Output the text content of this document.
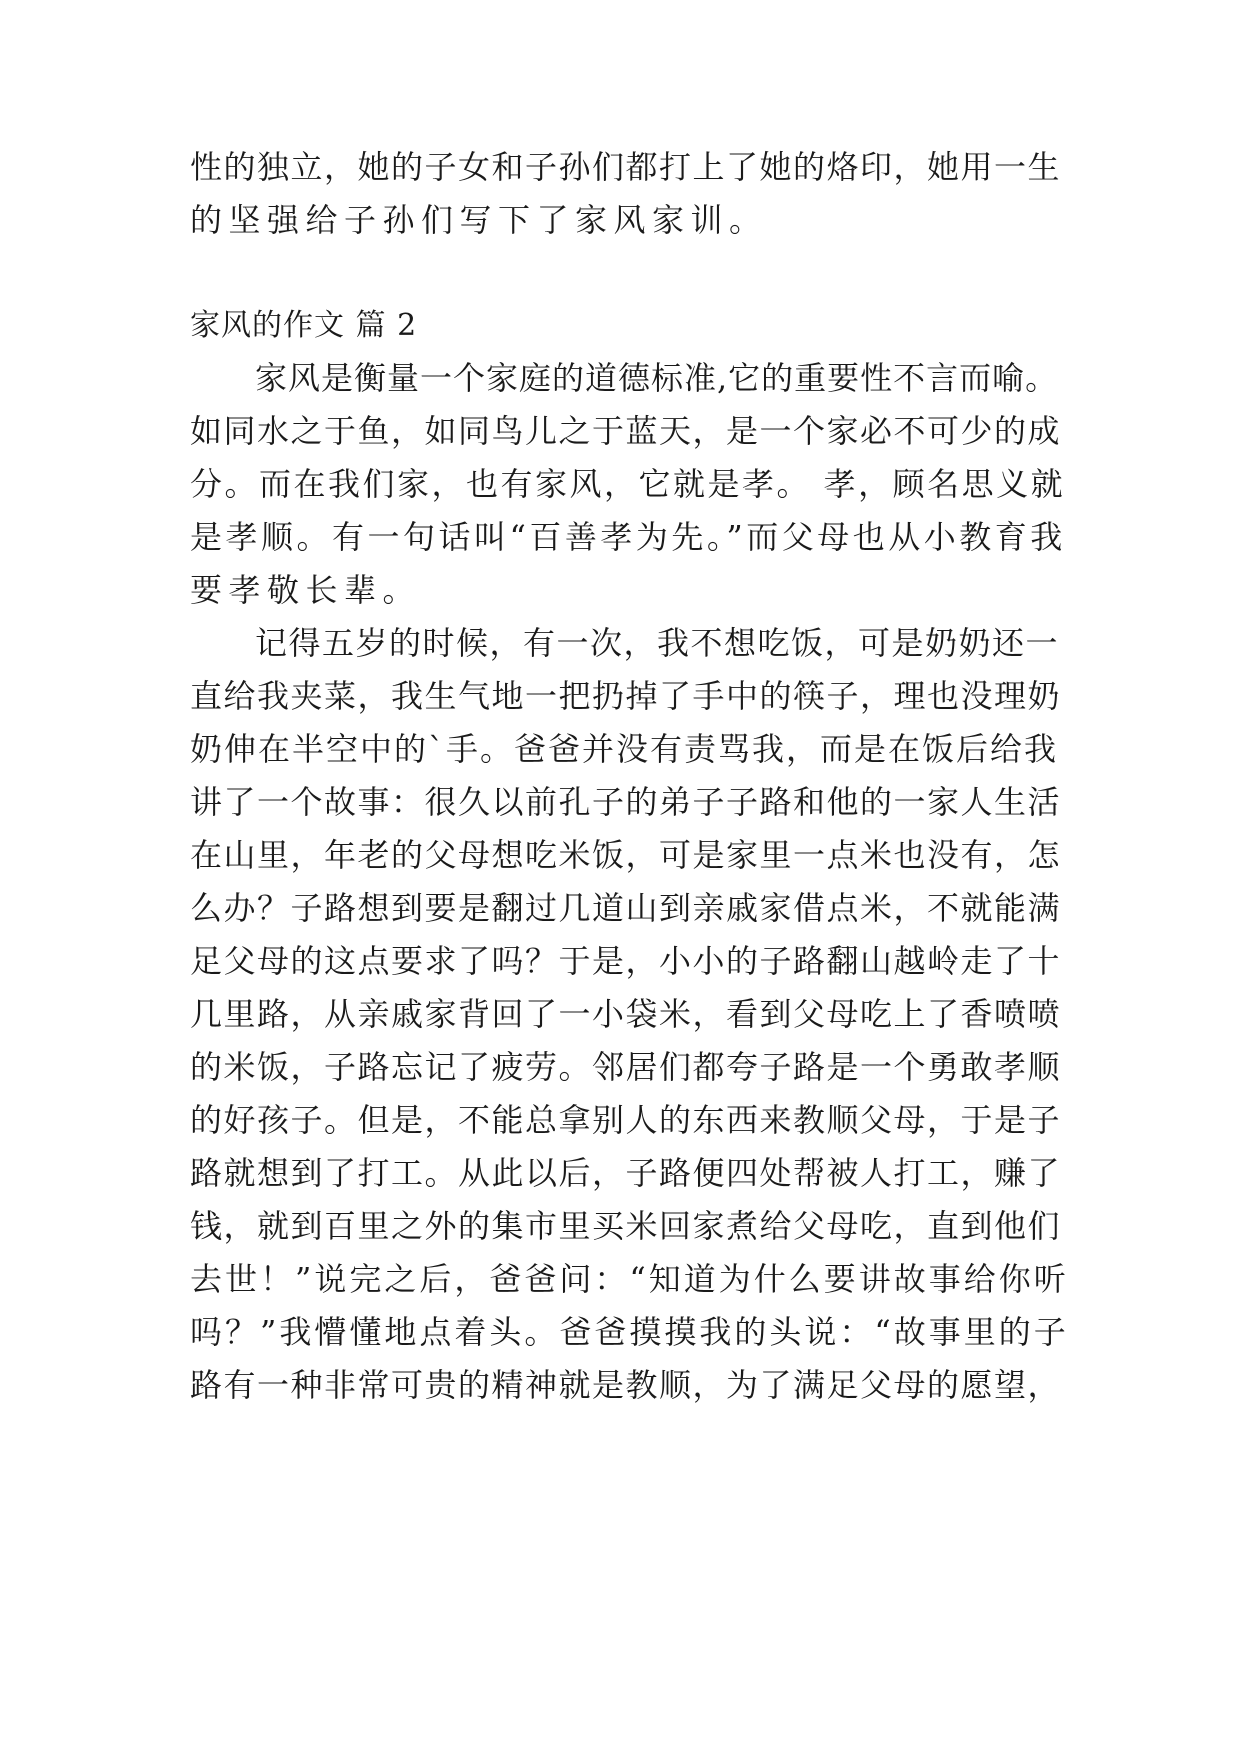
性的独立，她的子女和子孙们都打上了她的烙印，她用一生
的坚强给子孙们写下了家风家训。
家风的作文 篇 2
家风是衡量一个家庭的道德标准,它的重要性不言而喻。
如同水之于鱼，如同鸟儿之于蓝天，是一个家必不可少的成
分。而在我们家，也有家风，它就是孝。 孝，顾名思义就
是孝顺。有一句话叫“百善孝为先。”而父母也从小教育我
要孝敬长辈。
记得五岁的时候，有一次，我不想吃饭，可是奶奶还一
直给我夹菜，我生气地一把扔掉了手中的筷子，理也没理奶
奶伸在半空中的`手。爸爸并没有责骂我，而是在饭后给我
讲了一个故事：很久以前孔子的弟子子路和他的一家人生活
在山里，年老的父母想吃米饭，可是家里一点米也没有，怎
么办？子路想到要是翻过几道山到亲戚家借点米，不就能满
足父母的这点要求了吗？于是，小小的子路翻山越岭走了十
几里路，从亲戚家背回了一小袋米，看到父母吃上了香喷喷
的米饭，子路忘记了疲劳。邻居们都夸子路是一个勇敢孝顺
的好孩子。但是，不能总拿别人的东西来教顺父母，于是子
路就想到了打工。从此以后，子路便四处帮被人打工，赚了
钱，就到百里之外的集市里买米回家煮给父母吃，直到他们
去世！”说完之后，爸爸问：“知道为什么要讲故事给你听
吗？”我懵懂地点着头。爸爸摸摸我的头说：“故事里的子
路有一种非常可贵的精神就是教顺，为了满足父母的愿望，
